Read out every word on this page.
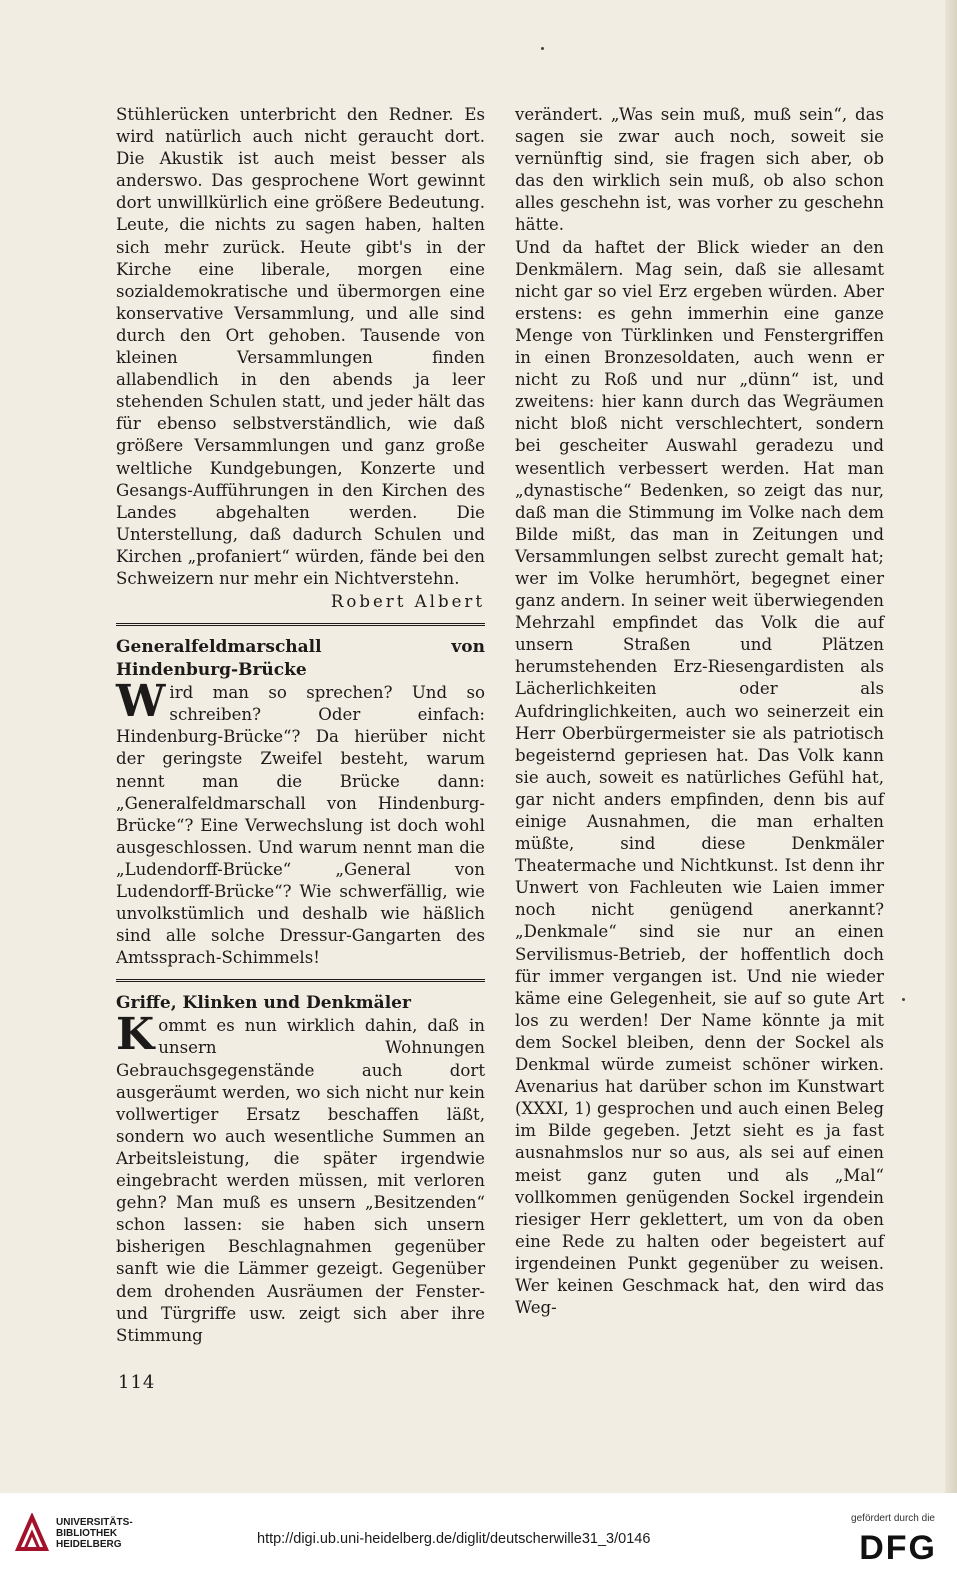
Stühlerücken unterbricht den Redner. Es wird natürlich auch nicht geraucht dort. Die Akustik ist auch meist besser als anderswo. Das gesprochene Wort gewinnt dort unwillkürlich eine größere Bedeutung. Leute, die nichts zu sagen haben, halten sich mehr zurück. Heute gibt's in der Kirche eine liberale, morgen eine sozialdemokratische und übermorgen eine konservative Versammlung, und alle sind durch den Ort gehoben. Tausende von kleinen Versammlungen finden allabendlich in den abends ja leer stehenden Schulen statt, und jeder hält das für ebenso selbstverständlich, wie daß größere Versammlungen und ganz große weltliche Kundgebungen, Konzerte und Gesangs-Aufführungen in den Kirchen des Landes abgehalten werden. Die Unterstellung, daß dadurch Schulen und Kirchen „profaniert“ würden, fände bei den Schweizern nur mehr ein Nichtverstehn.

Robert Albert

Generalfeldmarschall von Hindenburg-Brücke

Wird man so sprechen? Und so schreiben? Oder einfach: Hindenburg-Brücke“? Da hierüber nicht der geringste Zweifel besteht, warum nennt man die Brücke dann: „Generalfeldmarschall von Hindenburg-Brücke“? Eine Verwechslung ist doch wohl ausgeschlossen. Und warum nennt man die „Ludendorff-Brücke“ „General von Ludendorff-Brücke“? Wie schwerfällig, wie unvolkstümlich und deshalb wie häßlich sind alle solche Dressur-Gangarten des Amtssprach-Schimmels!

Griffe, Klinken und Denkmäler

Kommt es nun wirklich dahin, daß in unsern Wohnungen Gebrauchsgegenstände auch dort ausgeräumt werden, wo sich nicht nur kein vollwertiger Ersatz beschaffen läßt, sondern wo auch wesentliche Summen an Arbeitsleistung, die später irgendwie eingebracht werden müssen, mit verloren gehn? Man muß es unsern „Besitzenden“ schon lassen: sie haben sich unsern bisherigen Beschlagnahmen gegenüber sanft wie die Lämmer gezeigt. Gegenüber dem drohenden Ausräumen der Fenster- und Türgriffe usw. zeigt sich aber ihre Stimmung

verändert. „Was sein muß, muß sein“, das sagen sie zwar auch noch, soweit sie vernünftig sind, sie fragen sich aber, ob das den wirklich sein muß, ob also schon alles geschehn ist, was vorher zu geschehn hätte.

Und da haftet der Blick wieder an den Denkmälern. Mag sein, daß sie allesamt nicht gar so viel Erz ergeben würden. Aber erstens: es gehn immerhin eine ganze Menge von Türklinken und Fenstergriffen in einen Bronzesoldaten, auch wenn er nicht zu Roß und nur „dünn“ ist, und zweitens: hier kann durch das Wegräumen nicht bloß nicht verschlechtert, sondern bei gescheiter Auswahl geradezu und wesentlich verbessert werden. Hat man „dynastische“ Bedenken, so zeigt das nur, daß man die Stimmung im Volke nach dem Bilde mißt, das man in Zeitungen und Versammlungen selbst zurecht gemalt hat; wer im Volke herumhört, begegnet einer ganz andern. In seiner weit überwiegenden Mehrzahl empfindet das Volk die auf unsern Straßen und Plätzen herumstehenden Erz-Riesengardisten als Lächerlichkeiten oder als Aufdringlichkeiten, auch wo seinerzeit ein Herr Oberbürgermeister sie als patriotisch begeisternd gepriesen hat. Das Volk kann sie auch, soweit es natürliches Gefühl hat, gar nicht anders empfinden, denn bis auf einige Ausnahmen, die man erhalten müßte, sind diese Denkmäler Theatermache und Nichtkunst. Ist denn ihr Unwert von Fachleuten wie Laien immer noch nicht genügend anerkannt? „Denkmale“ sind sie nur an einen Servilismus-Betrieb, der hoffentlich doch für immer vergangen ist. Und nie wieder käme eine Gelegenheit, sie auf so gute Art los zu werden! Der Name könnte ja mit dem Sockel bleiben, denn der Sockel als Denkmal würde zumeist schöner wirken. Avenarius hat darüber schon im Kunstwart (XXXI, 1) gesprochen und auch einen Beleg im Bilde gegeben. Jetzt sieht es ja fast ausnahmslos nur so aus, als sei auf einen meist ganz guten und als „Mal“ vollkommen genügenden Sockel irgendein riesiger Herr geklettert, um von da oben eine Rede zu halten oder begeistert auf irgendeinen Punkt gegenüber zu weisen. Wer keinen Geschmack hat, den wird das Weg-

114
UNIVERSITÄTS-
BIBLIOTHEK
HEIDELBERG	http://digi.ub.uni-heidelberg.de/diglit/deutscherwille31_3/0146
gefördert durch die
DFG
